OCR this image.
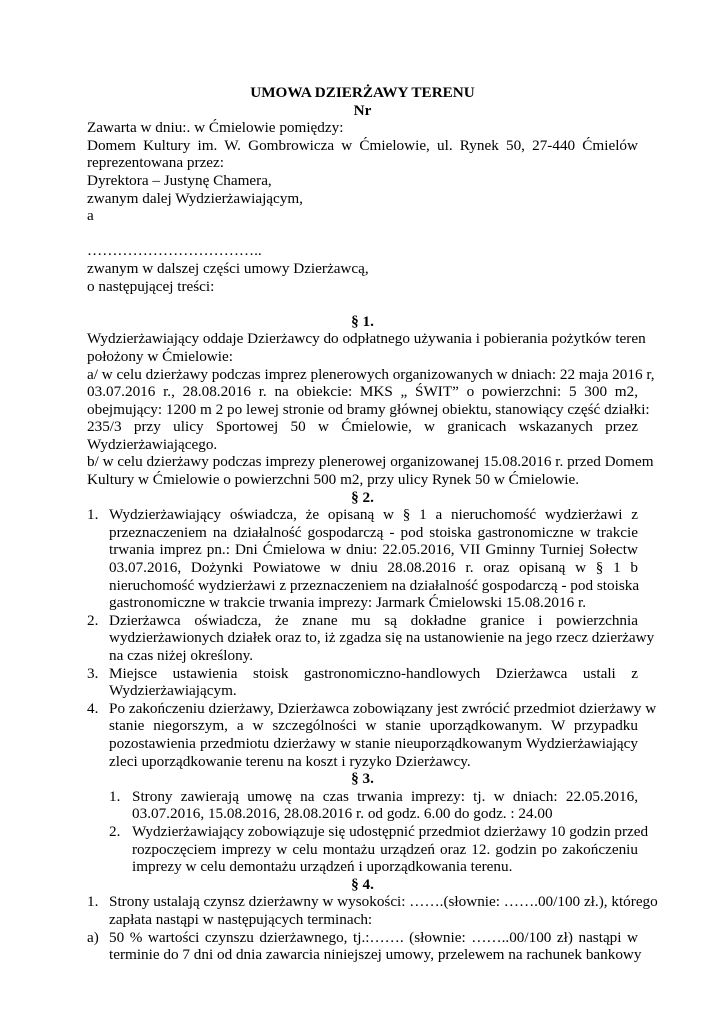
UMOWA DZIERŻAWY TERENU
Nr
Zawarta w dniu:. w Ćmielowie pomiędzy:
Domem Kultury im. W. Gombrowicza w Ćmielowie, ul. Rynek 50, 27-440 Ćmielów
reprezentowana przez:
Dyrektora – Justynę Chamera,
zwanym dalej Wydzierżawiającym,
a
……………………………..
zwanym w dalszej części umowy Dzierżawcą,
o następującej treści:
§ 1.
Wydzierżawiający oddaje Dzierżawcy do odpłatnego używania i pobierania pożytków teren
położony w Ćmielowie:
a/ w celu dzierżawy podczas imprez plenerowych organizowanych w dniach: 22 maja 2016 r,
03.07.2016 r., 28.08.2016 r. na obiekcie: MKS „ ŚWIT” o powierzchni: 5 300 m2,
obejmujący: 1200 m 2 po lewej stronie od bramy głównej obiektu, stanowiący część działki:
235/3 przy ulicy Sportowej 50 w Ćmielowie, w granicach wskazanych przez
Wydzierżawiającego.
b/ w celu dzierżawy podczas imprezy plenerowej organizowanej 15.08.2016 r. przed Domem
Kultury w Ćmielowie o powierzchni 500 m2, przy ulicy Rynek 50 w Ćmielowie.
§ 2.
1. Wydzierżawiający oświadcza, że opisaną w § 1 a nieruchomość wydzierżawi z
przeznaczeniem na działalność gospodarczą - pod stoiska gastronomiczne w trakcie
trwania imprez pn.: Dni Ćmielowa w dniu: 22.05.2016, VII Gminny Turniej Sołectw
03.07.2016, Dożynki Powiatowe w dniu 28.08.2016 r. oraz opisaną w § 1 b
nieruchomość wydzierżawi z przeznaczeniem na działalność gospodarczą - pod stoiska
gastronomiczne w trakcie trwania imprezy: Jarmark Ćmielowski 15.08.2016 r.
2. Dzierżawca oświadcza, że znane mu są dokładne granice i powierzchnia
wydzierżawionych działek oraz to, iż zgadza się na ustanowienie na jego rzecz dzierżawy
na czas niżej określony.
3. Miejsce ustawienia stoisk gastronomiczno-handlowych Dzierżawca ustali z
Wydzierżawiającym.
4. Po zakończeniu dzierżawy, Dzierżawca zobowiązany jest zwrócić przedmiot dzierżawy w
stanie niegorszym, a w szczególności w stanie uporządkowanym. W przypadku
pozostawienia przedmiotu dzierżawy w stanie nieuporządkowanym Wydzierżawiający
zleci uporządkowanie terenu na koszt i ryzyko Dzierżawcy.
§ 3.
1. Strony zawierają umowę na czas trwania imprezy: tj. w dniach: 22.05.2016,
03.07.2016, 15.08.2016, 28.08.2016 r. od godz. 6.00 do godz. : 24.00
2. Wydzierżawiający zobowiązuje się udostępnić przedmiot dzierżawy 10 godzin przed
rozpoczęciem imprezy w celu montażu urządzeń oraz 12. godzin po zakończeniu
imprezy w celu demontażu urządzeń i uporządkowania terenu.
§ 4.
1. Strony ustalają czynsz dzierżawny w wysokości: …….(słownie: …….00/100 zł.), którego
zapłata nastąpi w następujących terminach:
a) 50 % wartości czynszu dzierżawnego, tj.:……. (słownie: ……..00/100 zł) nastąpi w
terminie do 7 dni od dnia zawarcia niniejszej umowy, przelewem na rachunek bankowy
